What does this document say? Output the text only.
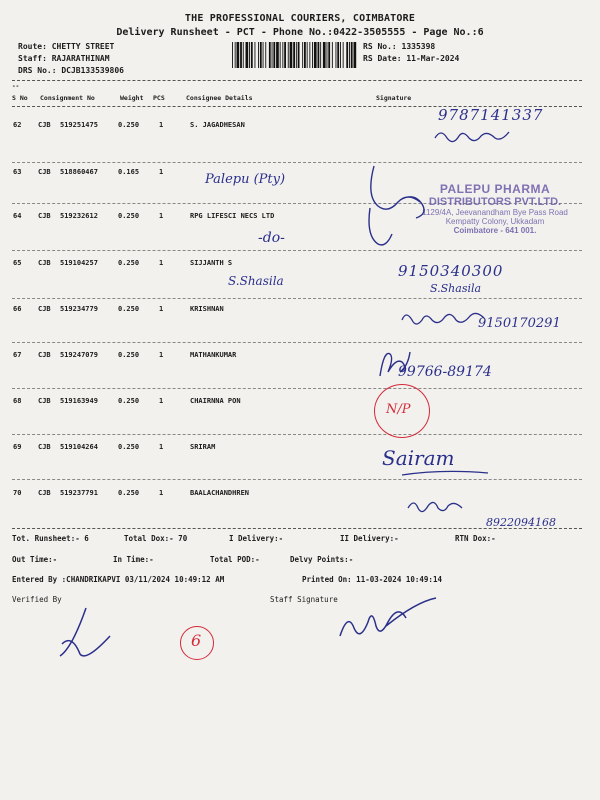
THE PROFESSIONAL COURIERS, COIMBATORE
Delivery Runsheet - PCT - Phone No.:0422-3505555 - Page No.:6
Route: CHETTY STREET
Staff: RAJARATHINAM
DRS No.: DCJB133539806
RS No.: 1335398
RS Date: 11-Mar-2024
--
S No Consignment No	Weight PCS	Consignee Details	Signature
62 CJB 519251475	0.250	1	S. JAGADHESAN
63 CJB 518860467	0.165	1
64 CJB 519232612	0.250	1	RPG LIFESCI NECS LTD
65 CJB 519104257	0.250	1	SIJJANTH S
66 CJB 519234779	0.250	1	KRISHNAN
67 CJB 519247079	0.250	1	MATHANKUMAR
68 CJB 519163949	0.250	1	CHAIRNNA PON
69 CJB 519104264	0.250	1	SRIRAM
70 CJB 519237791	0.250	1	BAALACHANDHREN
9787141337
Palepu (Pty)
-do-
PALEPU PHARMA
DISTRIBUTORS PVT.LTD.
1129/4A, Jeevanandham Bye Pass Road
Kempatty Colony, Ukkadam
Coimbatore - 641 001.
S.Shasila
9150340300
S.Shasila
9150170291
99766-89174
N/P
Sairam
8922094168
Tot. Runsheet:- 6	Total Dox:- 70	I Delivery:-	II Delivery:-	RTN Dox:-
Out Time:-	In Time:-	Total POD:-	Delvy Points:-
Entered By :CHANDRIKAPVI 03/11/2024 10:49:12 AM	Printed On: 11-03-2024 10:49:14
Verified By	Staff Signature
6
